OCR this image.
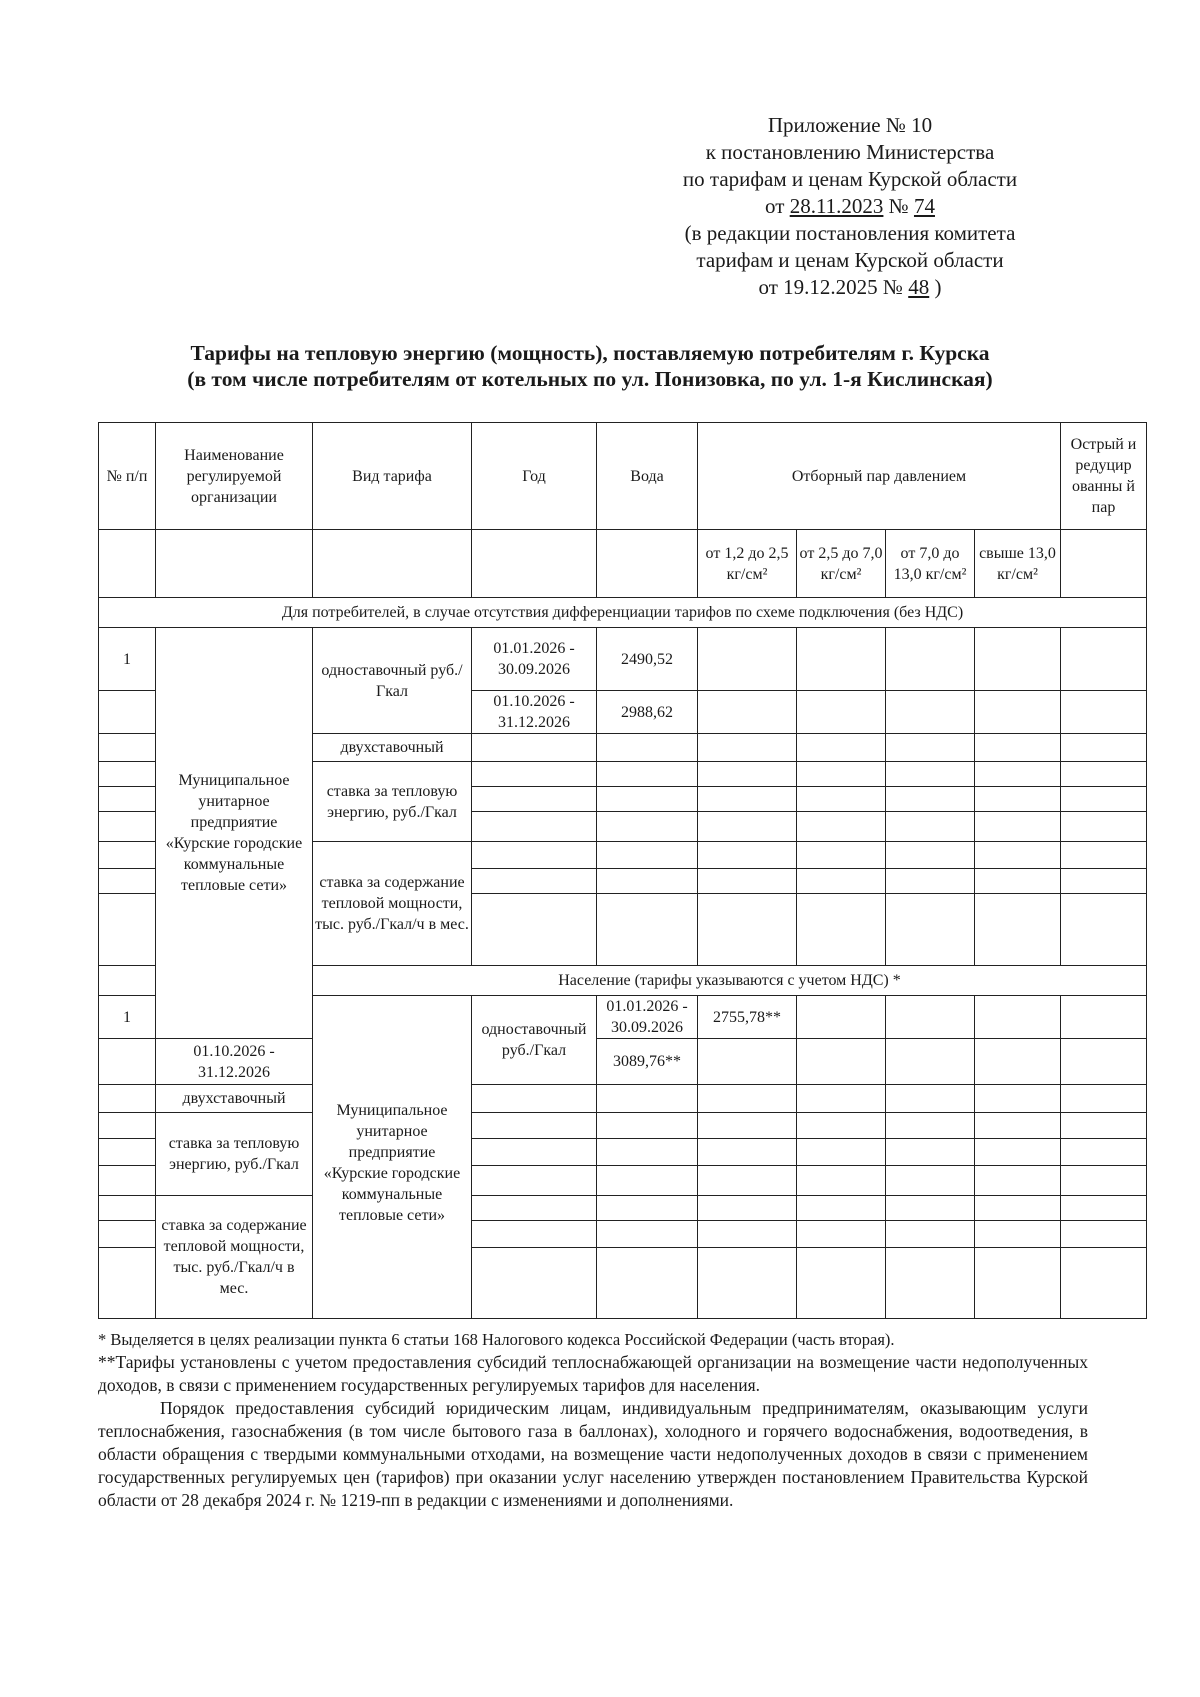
Приложение № 10
к постановлению Министерства
по тарифам и ценам Курской области
от 28.11.2023 № 74
(в редакции постановления комитета
тарифам и ценам Курской области
от 19.12.2025 № 48 )
Тарифы на тепловую энергию (мощность), поставляемую потребителям г. Курска
(в том числе потребителям от котельных по ул. Понизовка, по ул. 1-я Кислинская)
№ п/п	Наименование регулируемой организации	Вид тарифа	Год	Вода	Отборный пар давлением				Острый и редуцир ованны й пар	
					от 1,2 до 2,5 кг/см²	от 2,5 до 7,0 кг/см²	от 7,0 до 13,0 кг/см²	свыше 13,0 кг/см²		
Для потребителей, в случае отсутствия дифференциации тарифов по схеме подключения (без НДС)										
1	Муниципальное унитарное предприятие «Курские городские коммунальные тепловые сети»	одноставочный руб./Гкал	01.01.2026 - 30.09.2026	2490,52						
			01.10.2026 - 31.12.2026	2988,62						
		двухставочный								
		ставка за тепловую энергию, руб./Гкал								

		ставка за содержание тепловой мощности, тыс. руб./Гкал/ч в мес.								

		Население (тарифы указываются с учетом НДС) *								
1		Муниципальное унитарное предприятие «Курские городские коммунальные тепловые сети»	одноставочный руб./Гкал	01.01.2026 - 30.09.2026	2755,78**					
	01.10.2026 - 31.12.2026			3089,76**						
	двухставочный									
	ставка за тепловую энергию, руб./Гкал									

	ставка за содержание тепловой мощности, тыс. руб./Гкал/ч в мес.									

* Выделяется в целях реализации пункта 6 статьи 168 Налогового кодекса Российской Федерации (часть вторая).

**Тарифы установлены с учетом предоставления субсидий теплоснабжающей организации на возмещение части недополученных доходов, в связи с применением государственных регулируемых тарифов для населения.

Порядок предоставления субсидий юридическим лицам, индивидуальным предпринимателям, оказывающим услуги теплоснабжения, газоснабжения (в том числе бытового газа в баллонах), холодного и горячего водоснабжения, водоотведения, в области обращения с твердыми коммунальными отходами, на возмещение части недополученных доходов в связи с применением государственных регулируемых цен (тарифов) при оказании услуг населению утвержден постановлением Правительства Курской области от 28 декабря 2024 г. № 1219-пп в редакции с изменениями и дополнениями.
